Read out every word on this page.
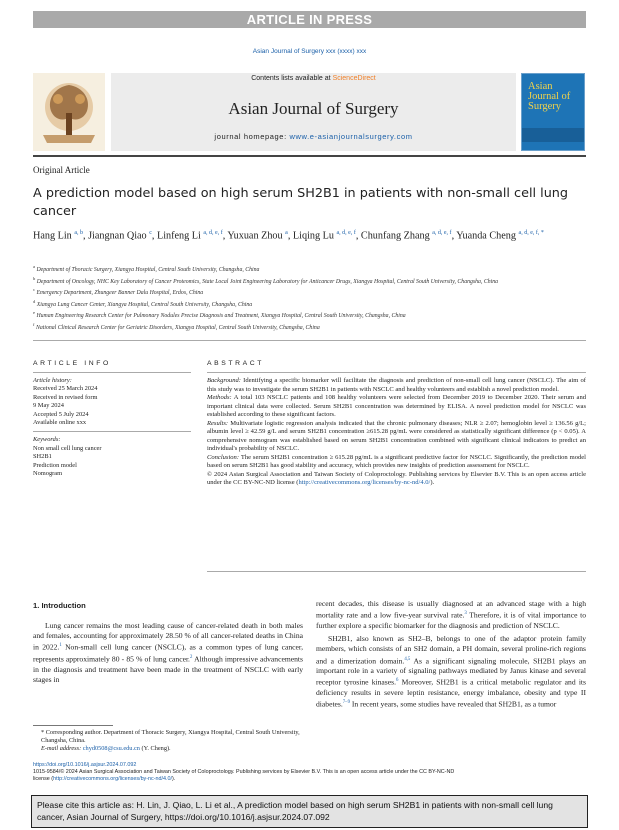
ARTICLE IN PRESS
Asian Journal of Surgery xxx (xxxx) xxx
Contents lists available at ScienceDirect
Asian Journal of Surgery
journal homepage: www.e-asianjournalsurgery.com
Asian
Journal of
Surgery
Original Article
A prediction model based on high serum SH2B1 in patients with non-small cell lung cancer
Hang Lin $^{a, b}$, Jiangnan Qiao $^c$, Linfeng Li $^{a, d, e, f}$, Yuxuan Zhou $^a$, Liqing Lu $^{a, d, e, f}$, Chunfang Zhang $^{a, d, e, f}$, Yuanda Cheng $^{a, d, e, f, *}$
$^a$ Department of Thoracic Surgery, Xiangya Hospital, Central South University, Changsha, China
$^b$ Department of Oncology, NHC Key Laboratory of Cancer Proteomics, State Local Joint Engineering Laboratory for Anticancer Drugs, Xiangya Hospital, Central South University, Changsha, China
$^c$ Emergency Department, Zhungeer Banner Dalu Hospital, Erdos, China
$^d$ Xiangya Lung Cancer Center, Xiangya Hospital, Central South University, Changsha, China
$^e$ Human Engineering Research Center for Pulmonary Nodules Precise Diagnosis and Treatment, Xiangya Hospital, Central South University, Changsha, China
$^f$ National Clinical Research Center for Geriatric Disorders, Xiangya Hospital, Central South University, Changsha, China
ARTICLE INFO	ABSTRACT
Article history:
Received 25 March 2024
Received in revised form
9 May 2024
Accepted 5 July 2024
Available online xxx
Keywords:
Non small cell lung cancer
SH2B1
Prediction model
Nomogram

Background: Identifying a specific biomarker will facilitate the diagnosis and prediction of non-small cell lung cancer (NSCLC). The aim of this study was to investigate the serum SH2B1 in patients with NSCLC and healthy volunteers and establish a novel prediction model.

Methods: A total 103 NSCLC patients and 108 healthy volunteers were selected from December 2019 to December 2020. Their serum and important clinical data were collected. Serum SH2B1 concentration was determined by ELISA. A novel prediction model for NSCLC was established according to these significant factors.

Results: Multivariate logistic regression analysis indicated that the chronic pulmonary diseases; NLR ≥ 2.07; hemoglobin level ≥ 136.56 g/L; albumin level ≥ 42.59 g/L and serum SH2B1 concentration ≥615.28 pg/mL were considered as statistically significant difference (p < 0.05). A comprehensive nomogram was established based on serum SH2B1 concentration combined with significant clinical indicators to predict an individual's probability of NSCLC.

Conclusion: The serum SH2B1 concentration ≥ 615.28 pg/mL is a significant predictive factor for NSCLC. Significantly, the prediction model based on serum SH2B1 has good stability and accuracy, which provides new insights of prediction assessment for NSCLC.

© 2024 Asian Surgical Association and Taiwan Society of Coloproctology. Publishing services by Elsevier B.V. This is an open access article under the CC BY-NC-ND license (http://creativecommons.org/licenses/by-nc-nd/4.0/).

1. Introduction

Lung cancer remains the most leading cause of cancer-related death in both males and females, accounting for approximately 28.50 % of all cancer-related deaths in China in 2022.$^1$ Non-small cell lung cancer (NSCLC), as a common types of lung cancer, represents approximately 80 - 85 % of lung cancer.$^2$ Although impressive advancements in the diagnosis and treatment have been made in the treatment of NSCLC with early stages in

recent decades, this disease is usually diagnosed at an advanced stage with a high mortality rate and a low five-year survival rate.$^3$ Therefore, it is of vital importance to further explore a specific biomarker for the diagnosis and prediction of NSCLC.

SH2B1, also known as SH2–B, belongs to one of the adaptor protein family members, which consists of an SH2 domain, a PH domain, several proline-rich regions and a dimerization domain.$^{4,5}$ As a significant signaling molecule, SH2B1 plays an important role in a variety of signaling pathways mediated by Janus kinase and several receptor tyrosine kinases.$^6$ Moreover, SH2B1 is a critical metabolic regulator and its deficiency results in severe leptin resistance, energy imbalance, obesity and type II diabetes.$^{7-9}$ In recent years, some studies have revealed that SH2B1, as a tumor

* Corresponding author. Department of Thoracic Surgery, Xiangya Hospital, Central South University, Changsha, China.
E-mail address: chyd0508@csu.edu.cn (Y. Cheng).
https://doi.org/10.1016/j.asjsur.2024.07.092
1015-9584/© 2024 Asian Surgical Association and Taiwan Society of Coloproctology. Publishing services by Elsevier B.V. This is an open access article under the CC BY-NC-ND
license (http://creativecommons.org/licenses/by-nc-nd/4.0/).
Please cite this article as: H. Lin, J. Qiao, L. Li et al., A prediction model based on high serum SH2B1 in patients with non-small cell lung cancer, Asian Journal of Surgery, https://doi.org/10.1016/j.asjsur.2024.07.092
